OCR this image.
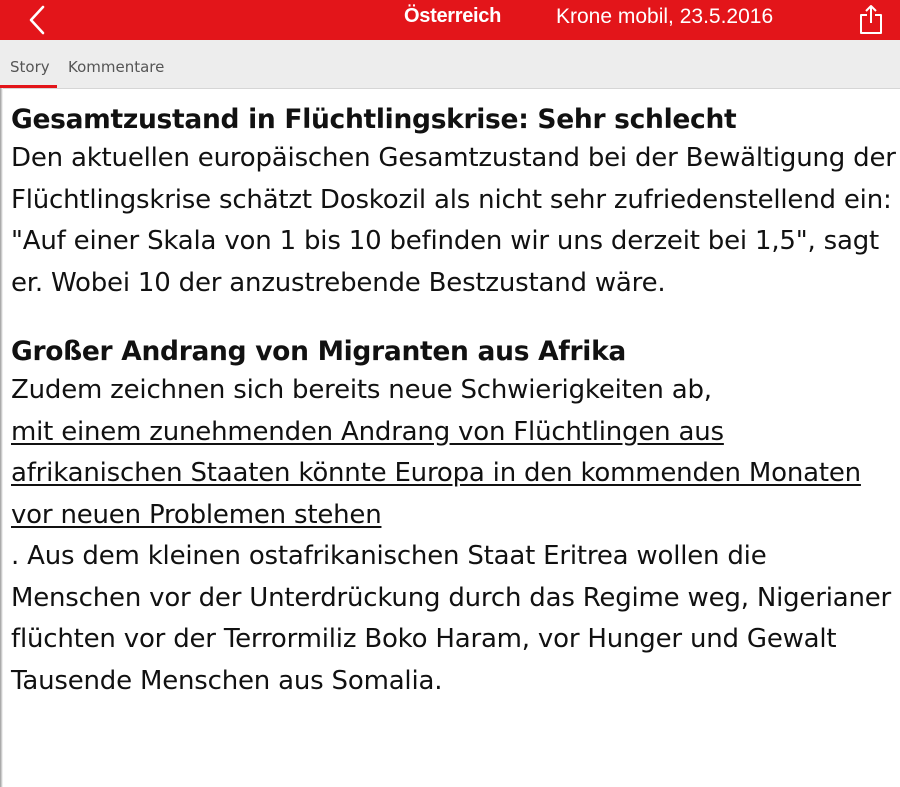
Österreich	Krone mobil, 23.5.2016
Story Kommentare
Gesamtzustand in Flüchtlingskrise: Sehr schlecht

Den aktuellen europäischen Gesamtzustand bei der Bewältigung der Flüchtlingskrise schätzt Doskozil als nicht sehr zufriedenstellend ein: "Auf einer Skala von 1 bis 10 befinden wir uns derzeit bei 1,5", sagt er. Wobei 10 der anzustrebende Bestzustand wäre.

Großer Andrang von Migranten aus Afrika

Zudem zeichnen sich bereits neue Schwierigkeiten ab,
mit einem zunehmenden Andrang von Flüchtlingen aus afrikanischen Staaten könnte Europa in den kommenden Monaten vor neuen Problemen stehen
. Aus dem kleinen ostafrikanischen Staat Eritrea wollen die Menschen vor der Unterdrückung durch das Regime weg, Nigerianer flüchten vor der Terrormiliz Boko Haram, vor Hunger und Gewalt Tausende Menschen aus Somalia.
